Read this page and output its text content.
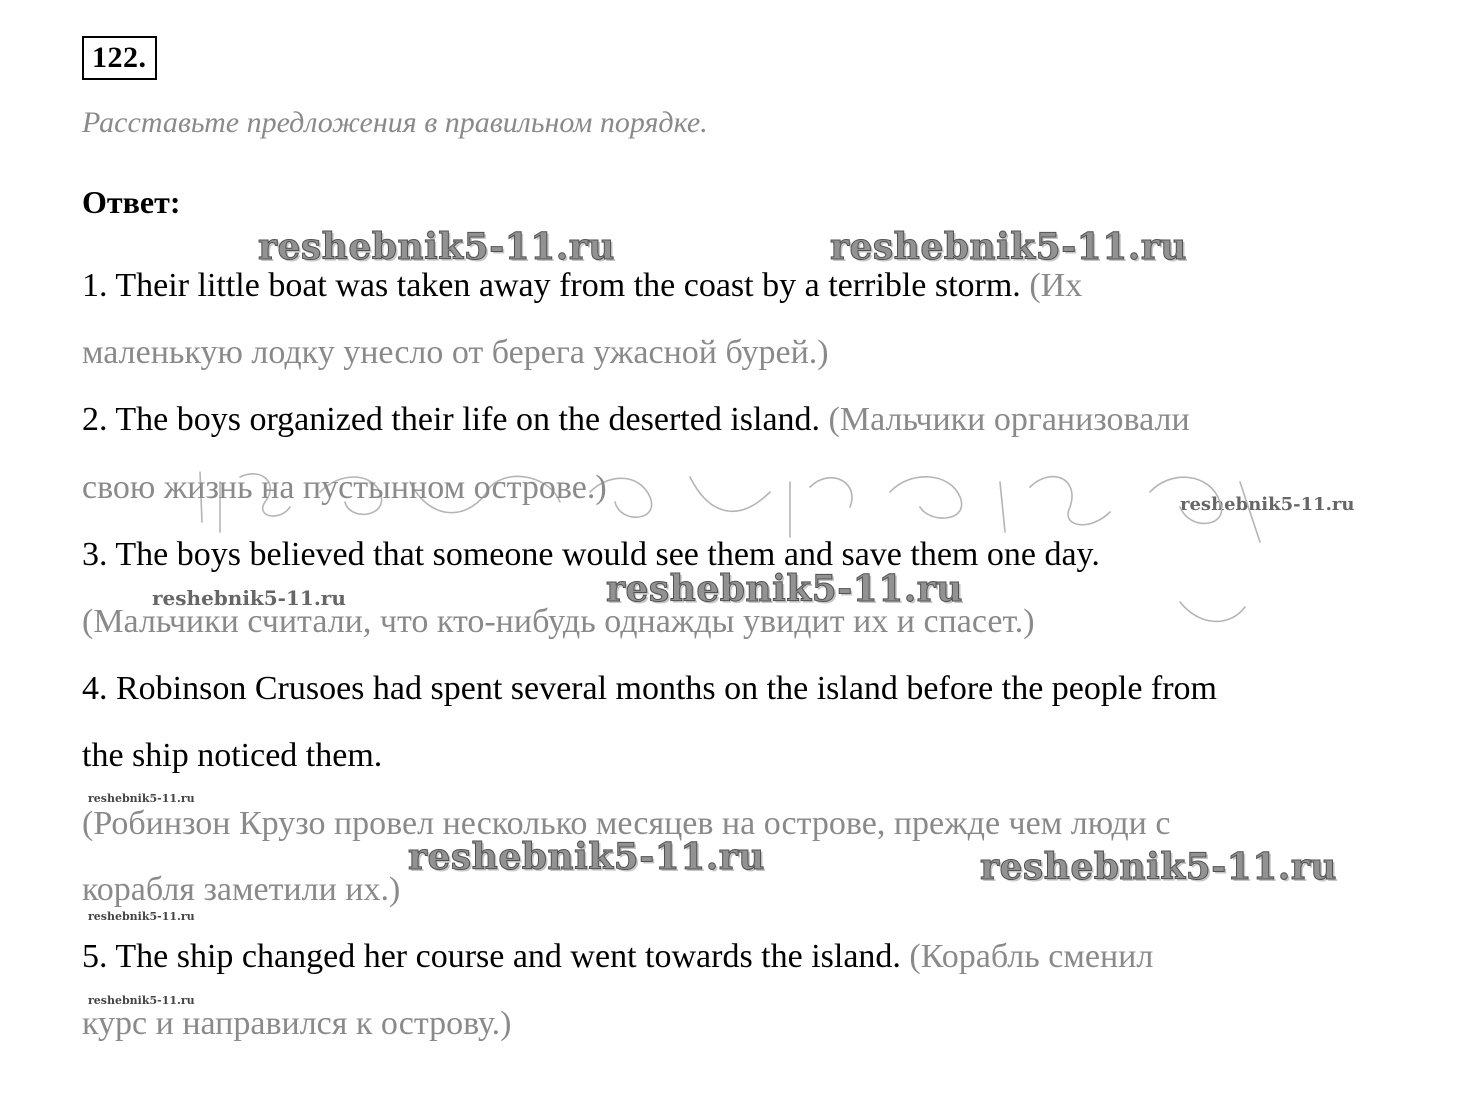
122.
Расставьте предложения в правильном порядке.
Ответ:
reshebnik5-11.ru	reshebnik5-11.ru
reshebnik5-11.ru
reshebnik5-11.ru	reshebnik5-11.ru
reshebnik5-11.ru
reshebnik5-11.ru
reshebnik5-11.ru
reshebnik5-11.ru
reshebnik5-11.ru
1. Their little boat was taken away from the coast by a terrible storm. (Их
маленькую лодку унесло от берега ужасной бурей.)
2. The boys organized their life on the deserted island. (Мальчики организовали
свою жизнь на пустынном острове.)
3. The boys believed that someone would see them and save them one day.
(Мальчики считали, что кто-нибудь однажды увидит их и спасет.)
4. Robinson Crusoes had spent several months on the island before the people from
the ship noticed them.
(Робинзон Крузо провел несколько месяцев на острове, прежде чем люди с
корабля заметили их.)
5. The ship changed her course and went towards the island. (Корабль сменил
курс и направился к острову.)
